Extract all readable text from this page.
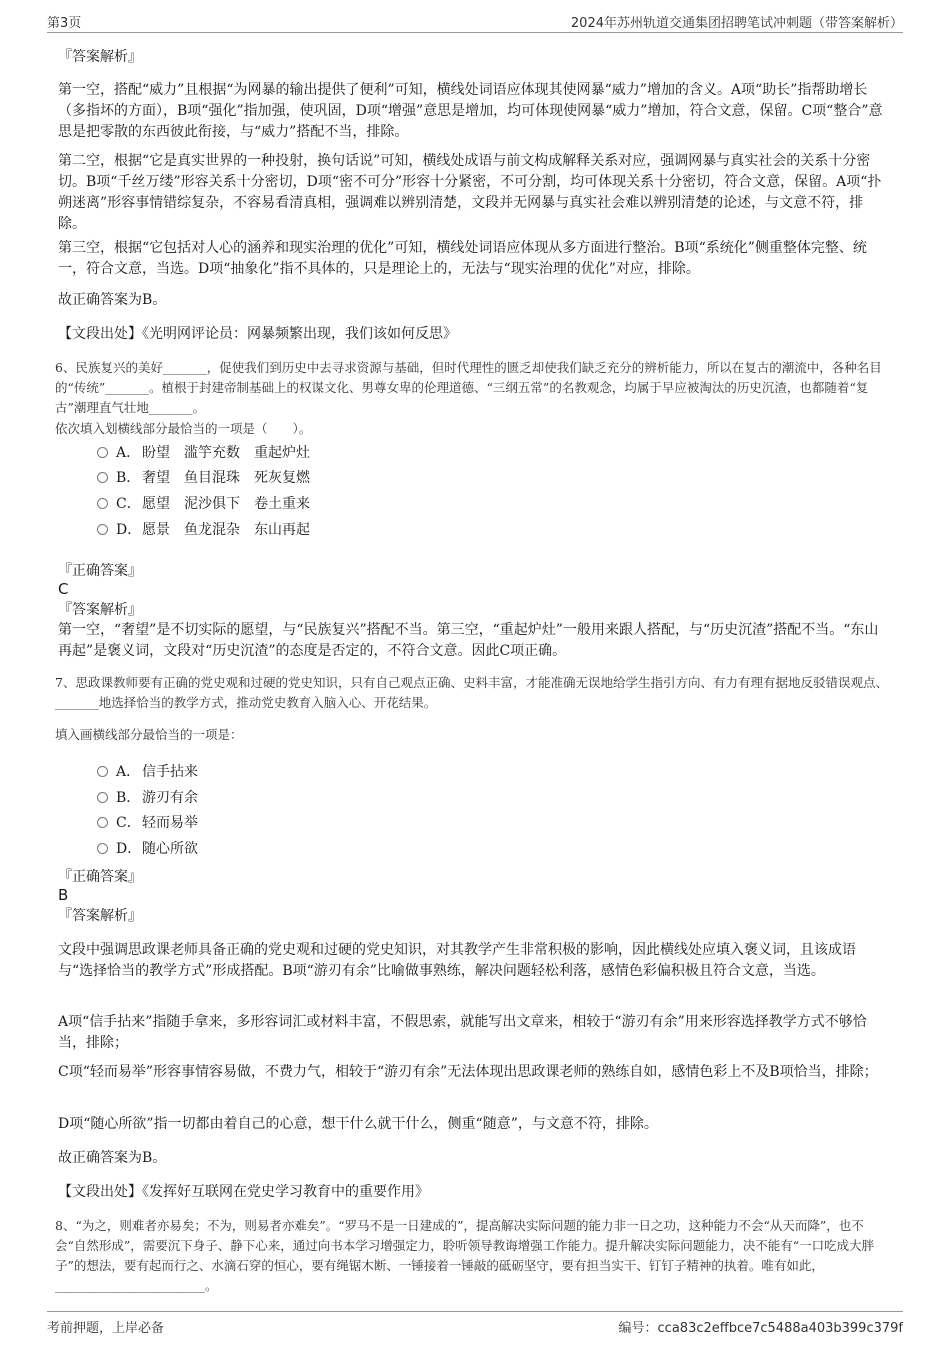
第3页	2024年苏州轨道交通集团招聘笔试冲刺题（带答案解析）
『答案解析』
第一空，搭配“威力”且根据“为网暴的输出提供了便利”可知，横线处词语应体现其使网暴“威力”增加的含义。A项“助长”指帮助增长（多指坏的方面），B项“强化”指加强，使巩固，D项“增强”意思是增加，均可体现使网暴“威力”增加，符合文意，保留。C项“整合”意思是把零散的东西彼此衔接，与“威力”搭配不当，排除。
第二空，根据“它是真实世界的一种投射，换句话说”可知，横线处成语与前文构成解释关系对应，强调网暴与真实社会的关系十分密切。B项“千丝万缕”形容关系十分密切，D项“密不可分”形容十分紧密，不可分割，均可体现关系十分密切，符合文意，保留。A项“扑朔迷离”形容事情错综复杂，不容易看清真相，强调难以辨别清楚，文段并无网暴与真实社会难以辨别清楚的论述，与文意不符，排除。
第三空，根据“它包括对人心的涵养和现实治理的优化”可知，横线处词语应体现从多方面进行整治。B项“系统化”侧重整体完整、统一，符合文意，当选。D项“抽象化”指不具体的，只是理论上的，无法与“现实治理的优化”对应，排除。
故正确答案为B。
【文段出处】《光明网评论员：网暴频繁出现，我们该如何反思》
6、民族复兴的美好_______，促使我们到历史中去寻求资源与基础，但时代理性的匮乏却使我们缺乏充分的辨析能力，所以在复古的潮流中，各种名目的“传统”_______。植根于封建帝制基础上的权谋文化、男尊女卑的伦理道德、“三纲五常”的名教观念，均属于早应被淘汰的历史沉渣，也都随着“复古”潮理直气壮地_______。
依次填入划横线部分最恰当的一项是（　　）。
A． 盼望 滥竽充数 重起炉灶
B． 奢望 鱼目混珠 死灰复燃
C．愿望 泥沙俱下 卷土重来
D．愿景 鱼龙混杂 东山再起
『正确答案』
C
『答案解析』
第一空，“奢望”是不切实际的愿望，与“民族复兴”搭配不当。第三空，“重起炉灶”一般用来跟人搭配，与“历史沉渣”搭配不当。“东山再起”是褒义词，文段对“历史沉渣”的态度是否定的，不符合文意。因此C项正确。
7、思政课教师要有正确的党史观和过硬的党史知识，只有自己观点正确、史料丰富，才能准确无误地给学生指引方向、有力有理有据地反驳错误观点、_______地选择恰当的教学方式，推动党史教育入脑入心、开花结果。
填入画横线部分最恰当的一项是：
A． 信手拈来
B． 游刃有余
C．轻而易举
D．随心所欲
『正确答案』
B
『答案解析』
文段中强调思政课老师具备正确的党史观和过硬的党史知识，对其教学产生非常积极的影响，因此横线处应填入褒义词，且该成语与“选择恰当的教学方式”形成搭配。B项“游刃有余”比喻做事熟练，解决问题轻松利落，感情色彩偏积极且符合文意，当选。
A项“信手拈来”指随手拿来，多形容词汇或材料丰富，不假思索，就能写出文章来，相较于“游刃有余”用来形容选择教学方式不够恰当，排除；
C项“轻而易举”形容事情容易做，不费力气，相较于“游刃有余”无法体现出思政课老师的熟练自如，感情色彩上不及B项恰当，排除；
D项“随心所欲”指一切都由着自己的心意，想干什么就干什么，侧重“随意”，与文意不符，排除。
故正确答案为B。
【文段出处】《发挥好互联网在党史学习教育中的重要作用》
8、“为之，则难者亦易矣；不为，则易者亦难矣”。“罗马不是一日建成的”，提高解决实际问题的能力非一日之功，这种能力不会“从天而降”，也不会“自然形成”，需要沉下身子、静下心来，通过向书本学习增强定力，聆听领导教诲增强工作能力。提升解决实际问题能力，决不能有“一口吃成大胖子”的想法，要有起而行之、水滴石穿的恒心，要有绳锯木断、一锤接着一锤敲的砥砺坚守，要有担当实干、钉钉子精神的执着。唯有如此，________________________。
考前押题，上岸必备	编号：cca83c2effbce7c5488a403b399c379f
